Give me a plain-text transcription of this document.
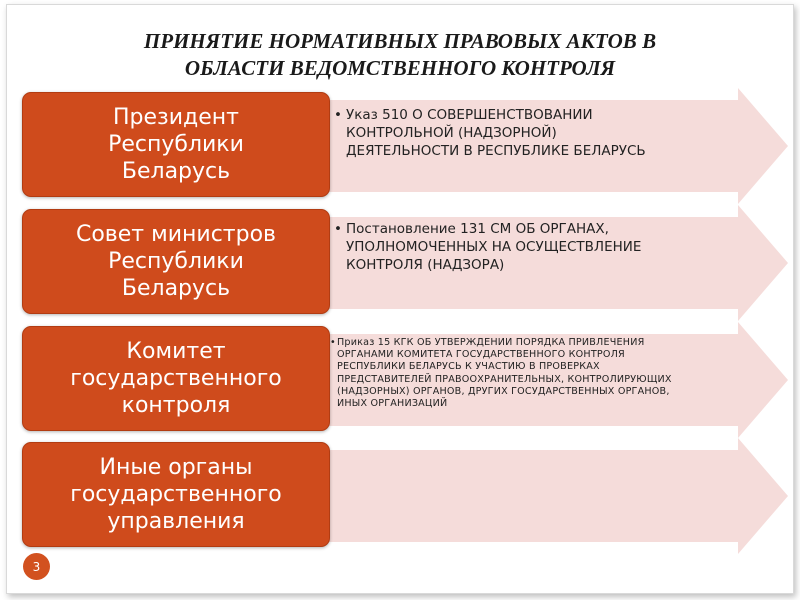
ПРИНЯТИЕ НОРМАТИВНЫХ ПРАВОВЫХ АКТОВ В
ОБЛАСТИ ВЕДОМСТВЕННОГО КОНТРОЛЯ
Президент
Республики
Беларусь
• Указ 510 О СОВЕРШЕНСТВОВАНИИ
КОНТРОЛЬНОЙ (НАДЗОРНОЙ)
ДЕЯТЕЛЬНОСТИ В РЕСПУБЛИКЕ БЕЛАРУСЬ
Совет министров
Республики
Беларусь
• Постановление 131 СМ ОБ ОРГАНАХ,
УПОЛНОМОЧЕННЫХ НА ОСУЩЕСТВЛЕНИЕ
КОНТРОЛЯ (НАДЗОРА)
Комитет
государственного
контроля
• Приказ 15 КГК ОБ УТВЕРЖДЕНИИ ПОРЯДКА ПРИВЛЕЧЕНИЯ
ОРГАНАМИ КОМИТЕТА ГОСУДАРСТВЕННОГО КОНТРОЛЯ
РЕСПУБЛИКИ БЕЛАРУСЬ К УЧАСТИЮ В ПРОВЕРКАХ
ПРЕДСТАВИТЕЛЕЙ ПРАВООХРАНИТЕЛЬНЫХ, КОНТРОЛИРУЮЩИХ
(НАДЗОРНЫХ) ОРГАНОВ, ДРУГИХ ГОСУДАРСТВЕННЫХ ОРГАНОВ,
ИНЫХ ОРГАНИЗАЦИЙ
Иные органы
государственного
управления
3
